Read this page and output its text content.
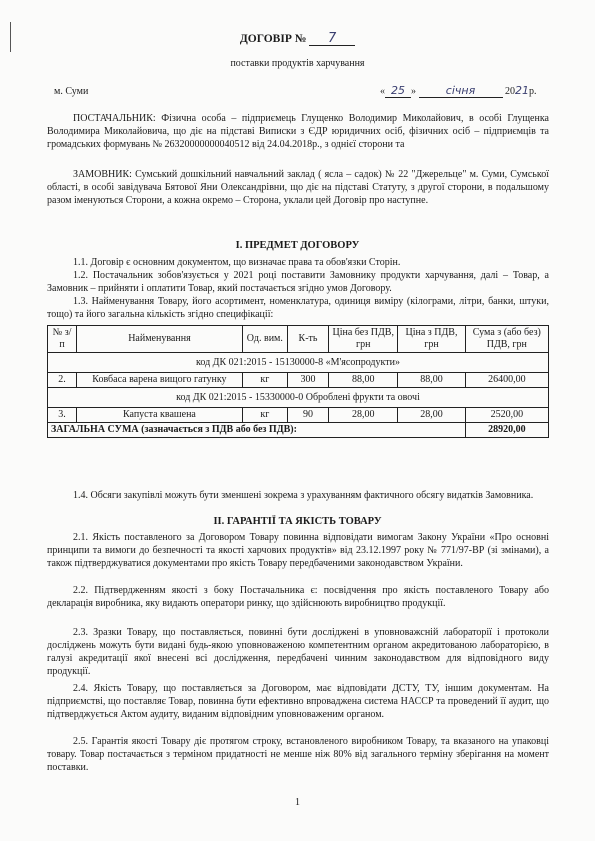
ДОГОВІР № 7
поставки продуктів харчування
м. Суми	« 25 » січня	2021р.
ПОСТАЧАЛЬНИК: Фізична особа – підприємець Глущенко Володимир Миколайович, в особі Глущенка Володимира Миколайовича, що діє на підставі Виписки з ЄДР юридичних осіб, фізичних осіб – підприємців та громадських формувань № 26320000000040512 від 24.04.2018р., з однієї сторони та
ЗАМОВНИК: Сумський дошкільний навчальний заклад ( ясла – садок) № 22 "Джерельце" м. Суми, Сумської області, в особі завідувача Бятової Яни Олександрівни, що діє на підставі Статуту, з другої сторони, в подальшому разом іменуються Сторони, а кожна окремо – Сторона, уклали цей Договір про наступне.
І. ПРЕДМЕТ ДОГОВОРУ
1.1. Договір є основним документом, що визначає права та обов'язки Сторін.
1.2. Постачальник зобов'язується у 2021 році поставити Замовнику продукти харчування, далі – Товар, а Замовник – прийняти і оплатити Товар, який постачається згідно умов Договору.
1.3. Найменування Товару, його асортимент, номенклатура, одиниця виміру (кілограми, літри, банки, штуки, тощо) та його загальна кількість згідно специфікації:
№ з/п	Найменування	Од. вим.	К-ть	Ціна без ПДВ, грн	Ціна з ПДВ, грн	Сума з (або без) ПДВ, грн
код ДК 021:2015 - 15130000-8 «М'ясопродукти»						
2.	Ковбаса варена вищого гатунку	кг	300	88,00	88,00	26400,00
код ДК 021:2015 - 15330000-0 Оброблені фрукти та овочі						
3.	Капуста квашена	кг	90	28,00	28,00	2520,00
ЗАГАЛЬНА СУМА (зазначається з ПДВ або без ПДВ):						28920,00
1.4. Обсяги закупівлі можуть бути зменшені зокрема з урахуванням фактичного обсягу видатків Замовника.
ІІ. ГАРАНТІЇ ТА ЯКІСТЬ ТОВАРУ
2.1. Якість поставленого за Договором Товару повинна відповідати вимогам Закону України «Про основні принципи та вимоги до безпечності та якості харчових продуктів» від 23.12.1997 року № 771/97-ВР (зі змінами), а також підтверджуватися документами про якість Товару передбаченими законодавством України.
2.2. Підтвердженням якості з боку Постачальника є: посвідчення про якість поставленого Товару або декларація виробника, яку видають оператори ринку, що здійснюють виробництво продукції.
2.3. Зразки Товару, що поставляється, повинні бути досліджені в уповноважсній лабораторії і протоколи досліджень можуть бути видані будь-якою уповноваженою компетентним органом акредитованою лабораторією, в галузі акредитації якої внесені всі дослідження, передбачені чинним законодавством для відповідного виду продукції.
2.4. Якість Товару, що поставляється за Договором, має відповідати ДСТУ, ТУ, іншим документам. На підприємстві, що поставляє Товар, повинна бути ефективно впроваджена система НАССР та проведений її аудит, що підтверджується Актом аудиту, виданим відповідним уповноваженим органом.
2.5. Гарантія якості Товару діє протягом строку, встановленого виробником Товару, та вказаного на упаковці товару. Товар постачається з терміном придатності не менше ніж 80% від загального терміну зберігання на момент поставки.
1
